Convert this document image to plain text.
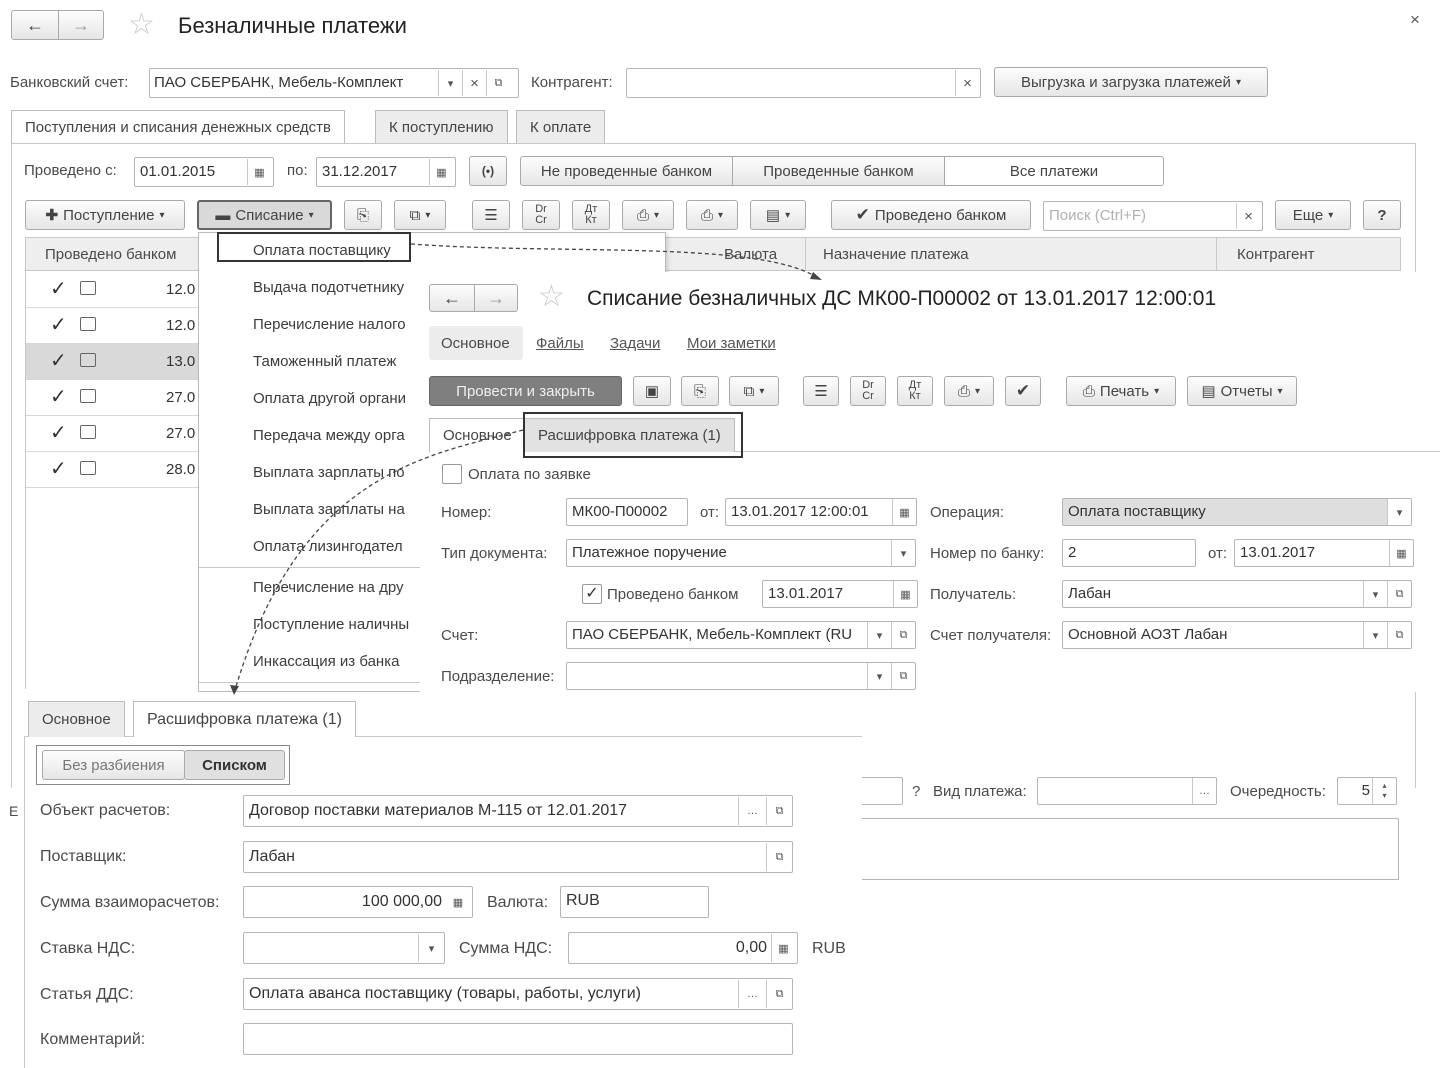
← → ☆ Безналичные платежи	×
Банковский счет: ПАО СБЕРБАНК, Мебель-Комплект	▾	×	⧉	Контрагент:	×	Выгрузка и загрузка платежей ▾
Поступления и списания денежных средств	К поступлению К оплате
Проведено с: 01.01.2015	▦	по: 31.12.2017	▦	(•)	Не проведенные банком	Проведенные банком	Все платежи
✚ Поступление ▾	▬ Списание ▾	⎘	⧉ ▾	☰	Dr
Cr
Дт
Кт	⎙ ▾	⎙ ▾	▤ ▾	✔ Проведено банком	Поиск (Ctrl+F)	×	Еще ▾	?
Проведено банком	Валюта	Назначение платежа	Контрагент
✓	12.0
✓	12.0
✓	13.0
✓	27.0
✓	27.0
✓	28.0
Оплата поставщику
Выдача подотчетнику
Перечисление налого
Таможенный платеж
Оплата другой органи
Передача между орга
Выплата зарплаты по
Выплата зарплаты на
Оплата лизингодател
Перечисление на дру
Поступление наличны
Инкассация из банка
Е
← → ☆ Списание безналичных ДС МК00-П00002 от 13.01.2017 12:00:01
Основное Файлы Задачи Мои заметки
Провести и закрыть	▣ ⎘	⧉ ▾	☰	Dr
Cr
Дт
Кт ⎙ ▾ ✔	⎙ Печать ▾	▤ Отчеты ▾
Основное Расшифровка платежа (1)
Оплата по заявке
Номер:	МК00-П00002	от: 13.01.2017 12:00:01	▦	Операция:	Оплата поставщику	▾
Тип документа: Платежное поручение	▾	Номер по банку:	2	от: 13.01.2017	▦
✓ Проведено банком 13.01.2017	▦	Получатель:	Лабан	▾	⧉
Счет:	ПАО СБЕРБАНК, Мебель-Комплект (RU	▾	⧉	Счет получателя: Основной АОЗТ Лабан	▾	⧉
Подразделение:	▾	⧉
? Вид платежа:	…	Очередность: 5	▴
▾
Основное Расшифровка платежа (1)
Без разбиения Списком
Объект расчетов:	Договор поставки материалов М-115 от 12.01.2017	…	⧉
Поставщик:	Лабан	⧉
Сумма взаиморасчетов:	100 000,00 ▦	Валюта:	RUB
Ставка НДС:	▾	Сумма НДС:	0,00	▦	RUB
Статья ДДС:	Оплата аванса поставщику (товары, работы, услуги)	…	⧉
Комментарий:
